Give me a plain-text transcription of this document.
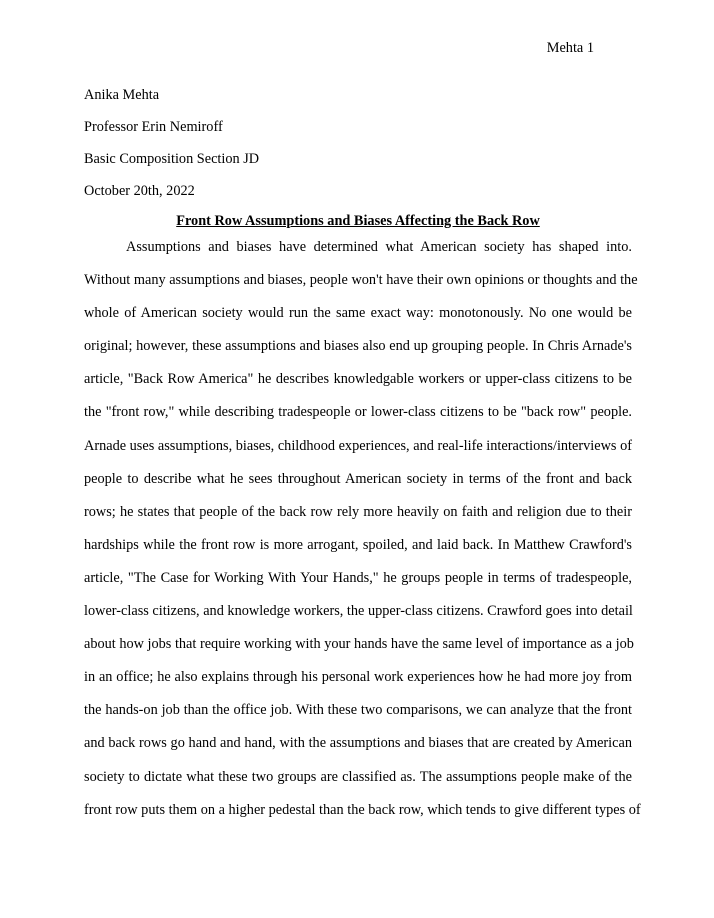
Mehta 1
Anika Mehta
Professor Erin Nemiroff
Basic Composition Section JD
October 20th, 2022
Front Row Assumptions and Biases Affecting the Back Row
Assumptions and biases have determined what American society has shaped into.
Without many assumptions and biases, people won't have their own opinions or thoughts and the
whole of American society would run the same exact way: monotonously. No one would be
original; however, these assumptions and biases also end up grouping people. In Chris Arnade's
article, "Back Row America" he describes knowledgable workers or upper-class citizens to be
the "front row," while describing tradespeople or lower-class citizens to be "back row" people.
Arnade uses assumptions, biases, childhood experiences, and real-life interactions/interviews of
people to describe what he sees throughout American society in terms of the front and back
rows; he states that people of the back row rely more heavily on faith and religion due to their
hardships while the front row is more arrogant, spoiled, and laid back. In Matthew Crawford's
article, "The Case for Working With Your Hands," he groups people in terms of tradespeople,
lower-class citizens, and knowledge workers, the upper-class citizens. Crawford goes into detail
about how jobs that require working with your hands have the same level of importance as a job
in an office; he also explains through his personal work experiences how he had more joy from
the hands-on job than the office job. With these two comparisons, we can analyze that the front
and back rows go hand and hand, with the assumptions and biases that are created by American
society to dictate what these two groups are classified as. The assumptions people make of the
front row puts them on a higher pedestal than the back row, which tends to give different types of
